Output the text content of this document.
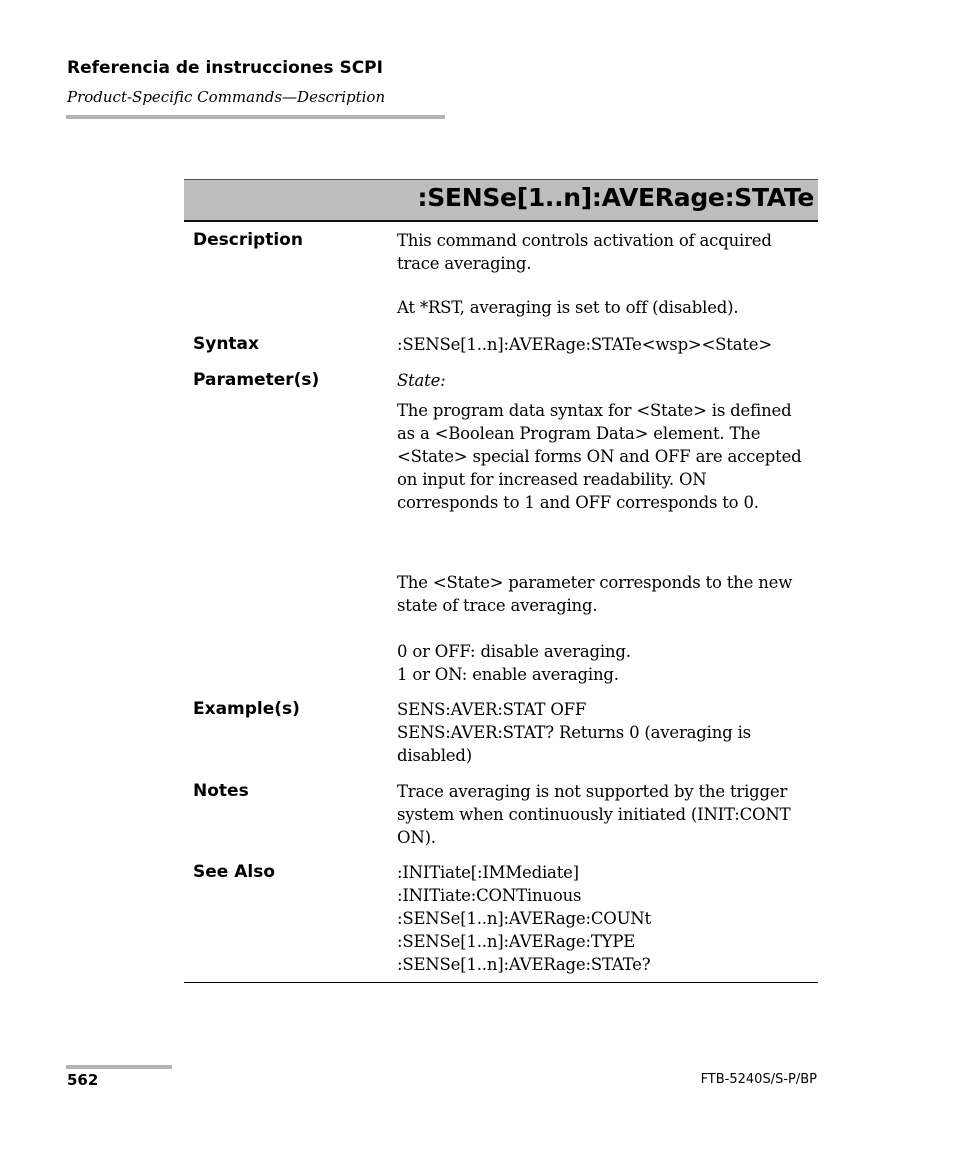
Referencia de instrucciones SCPI
Product-Specific Commands—Description
:SENSe[1..n]:AVERage:STATe
Description	This command controls activation of acquired
trace averaging.
At *RST, averaging is set to off (disabled).
Syntax	:SENSe[1..n]:AVERage:STATe<wsp><State>
Parameter(s)	State:
The program data syntax for <State> is defined
as a <Boolean Program Data> element. The
<State> special forms ON and OFF are accepted
on input for increased readability. ON
corresponds to 1 and OFF corresponds to 0.
The <State> parameter corresponds to the new
state of trace averaging.
0 or OFF: disable averaging.
1 or ON: enable averaging.
Example(s)	SENS:AVER:STAT OFF
SENS:AVER:STAT? Returns 0 (averaging is
disabled)
Notes	Trace averaging is not supported by the trigger
system when continuously initiated (INIT:CONT
ON).
See Also	:INITiate[:IMMediate]
:INITiate:CONTinuous
:SENSe[1..n]:AVERage:COUNt
:SENSe[1..n]:AVERage:TYPE
:SENSe[1..n]:AVERage:STATe?
562	FTB-5240S/S-P/BP
